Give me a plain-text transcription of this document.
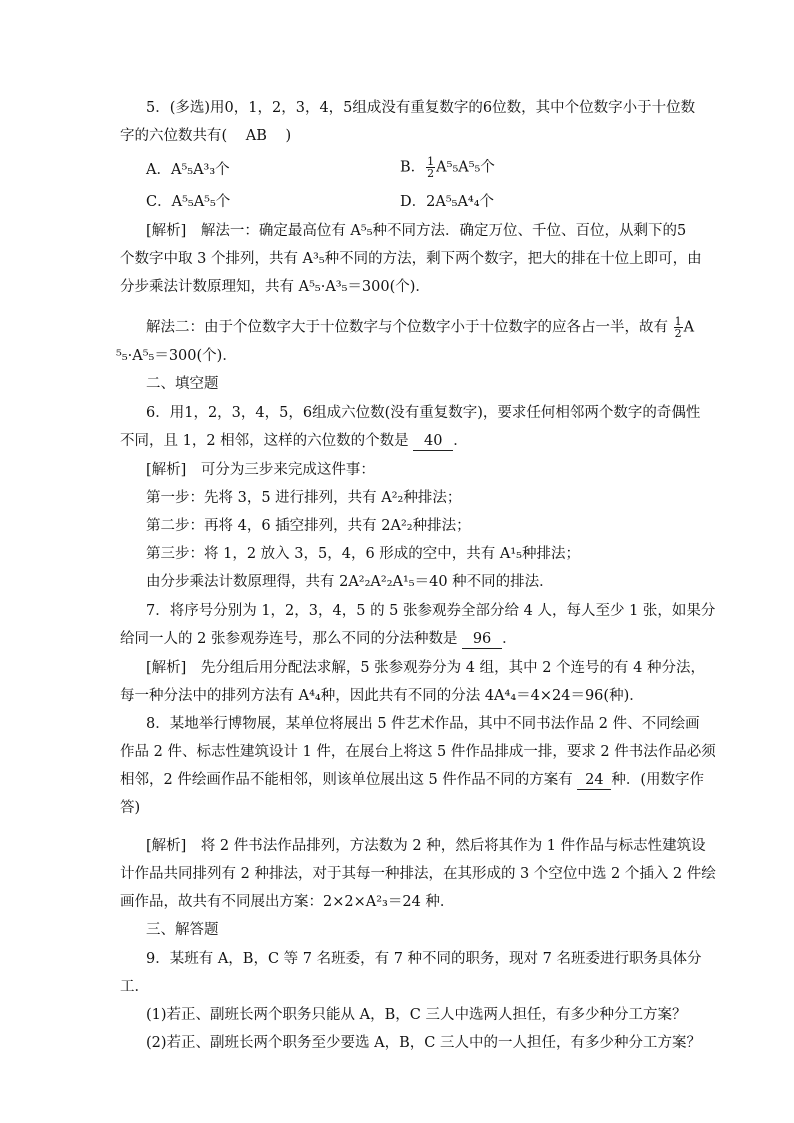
5．(多选)用0，1，2，3，4，5组成没有重复数字的6位数，其中个位数字小于十位数
字的六位数共有( AB )
A．A⁵₅A³₃个	B． $\frac{1}{2} A^5_5A^5_5$个
C．A⁵₅A⁵₅个	D．2A⁵₅A⁴₄个
[解析]　解法一：确定最高位有 A⁵₅种不同方法．确定万位、千位、百位，从剩下的5
个数字中取 3 个排列，共有 A³₅种不同的方法，剩下两个数字，把大的排在十位上即可，由
分步乘法计数原理知，共有 A⁵₅·A³₅＝300(个)．
解法二：由于个位数字大于十位数字与个位数字小于十位数字的应各占一半，故有 $\frac{1}{2}$ A
⁵₅·A⁵₅＝300(个)．
二、填空题
6．用1，2，3，4，5，6组成六位数(没有重复数字)，要求任何相邻两个数字的奇偶性
不同，且 1，2 相邻，这样的六位数的个数是 40 ．
[解析]　可分为三步来完成这件事：
第一步：先将 3，5 进行排列，共有 A²₂种排法；
第二步：再将 4，6 插空排列，共有 2A²₂种排法；
第三步：将 1，2 放入 3，5，4，6 形成的空中，共有 A¹₅种排法；
由分步乘法计数原理得，共有 2A²₂A²₂A¹₅＝40 种不同的排法．
7．将序号分别为 1，2，3，4，5 的 5 张参观券全部分给 4 人，每人至少 1 张，如果分
给同一人的 2 张参观券连号，那么不同的分法种数是 96 ．
[解析]　先分组后用分配法求解，5 张参观券分为 4 组，其中 2 个连号的有 4 种分法，
每一种分法中的排列方法有 A⁴₄种，因此共有不同的分法 4A⁴₄＝4×24＝96(种)．
8．某地举行博物展，某单位将展出 5 件艺术作品，其中不同书法作品 2 件、不同绘画
作品 2 件、标志性建筑设计 1 件，在展台上将这 5 件作品排成一排，要求 2 件书法作品必须
相邻，2 件绘画作品不能相邻，则该单位展出这 5 件作品不同的方案有 24 种．(用数字作
答)
[解析]　将 2 件书法作品排列，方法数为 2 种，然后将其作为 1 件作品与标志性建筑设
计作品共同排列有 2 种排法，对于其每一种排法，在其形成的 3 个空位中选 2 个插入 2 件绘
画作品，故共有不同展出方案：2×2×A²₃＝24 种．
三、解答题
9．某班有 A，B，C 等 7 名班委，有 7 种不同的职务，现对 7 名班委进行职务具体分
工．
(1)若正、副班长两个职务只能从 A，B，C 三人中选两人担任，有多少种分工方案？
(2)若正、副班长两个职务至少要选 A，B，C 三人中的一人担任，有多少种分工方案？
